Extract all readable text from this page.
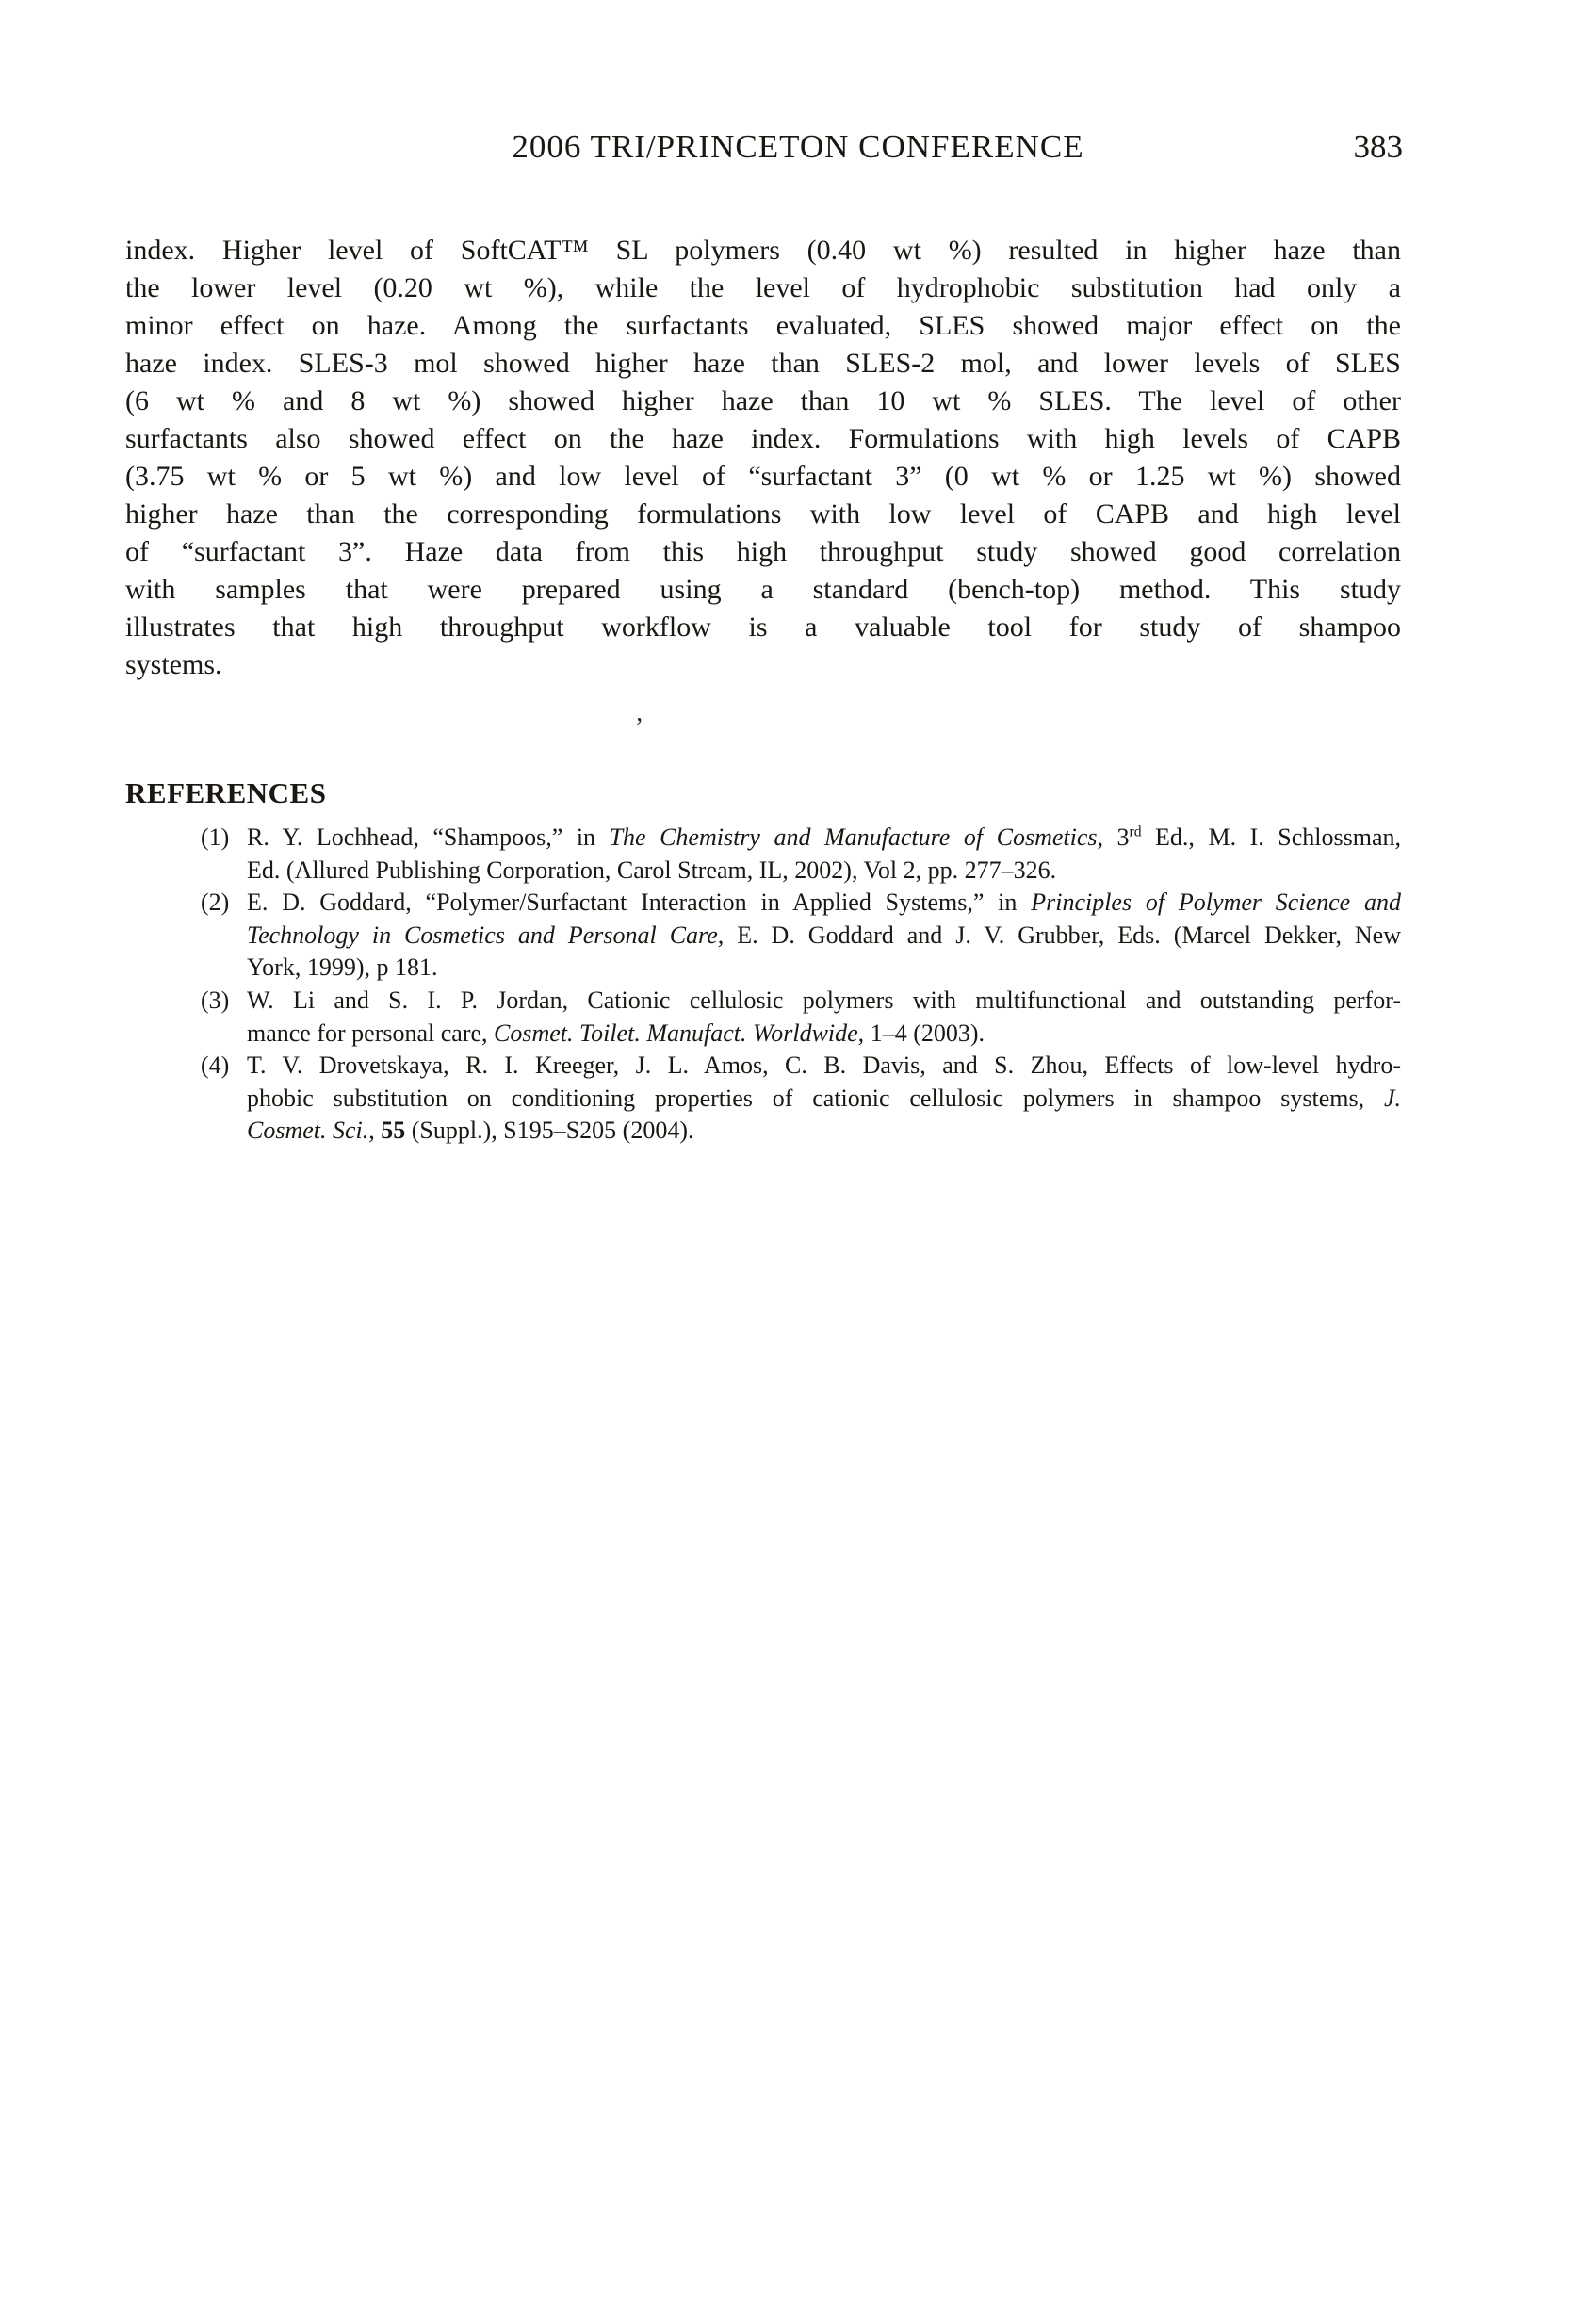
2006 TRI/PRINCETON CONFERENCE	383
index. Higher level of SoftCAT™ SL polymers (0.40 wt %) resulted in higher haze than
the lower level (0.20 wt %), while the level of hydrophobic substitution had only a
minor effect on haze. Among the surfactants evaluated, SLES showed major effect on the
haze index. SLES-3 mol showed higher haze than SLES-2 mol, and lower levels of SLES
(6 wt % and 8 wt %) showed higher haze than 10 wt % SLES. The level of other
surfactants also showed effect on the haze index. Formulations with high levels of CAPB
(3.75 wt % or 5 wt %) and low level of “surfactant 3” (0 wt % or 1.25 wt %) showed
higher haze than the corresponding formulations with low level of CAPB and high level
of “surfactant 3”. Haze data from this high throughput study showed good correlation
with samples that were prepared using a standard (bench-top) method. This study
illustrates that high throughput workflow is a valuable tool for study of shampoo
systems.
’
REFERENCES
(1) R. Y. Lochhead, “Shampoos,” in The Chemistry and Manufacture of Cosmetics, 3rd Ed., M. I. Schlossman,
Ed. (Allured Publishing Corporation, Carol Stream, IL, 2002), Vol 2, pp. 277–326.
(2) E. D. Goddard, “Polymer/Surfactant Interaction in Applied Systems,” in Principles of Polymer Science and
Technology in Cosmetics and Personal Care, E. D. Goddard and J. V. Grubber, Eds. (Marcel Dekker, New
York, 1999), p 181.
(3) W. Li and S. I. P. Jordan, Cationic cellulosic polymers with multifunctional and outstanding perfor-
mance for personal care, Cosmet. Toilet. Manufact. Worldwide, 1–4 (2003).
(4) T. V. Drovetskaya, R. I. Kreeger, J. L. Amos, C. B. Davis, and S. Zhou, Effects of low-level hydro-
phobic substitution on conditioning properties of cationic cellulosic polymers in shampoo systems, J.
Cosmet. Sci., 55 (Suppl.), S195–S205 (2004).
